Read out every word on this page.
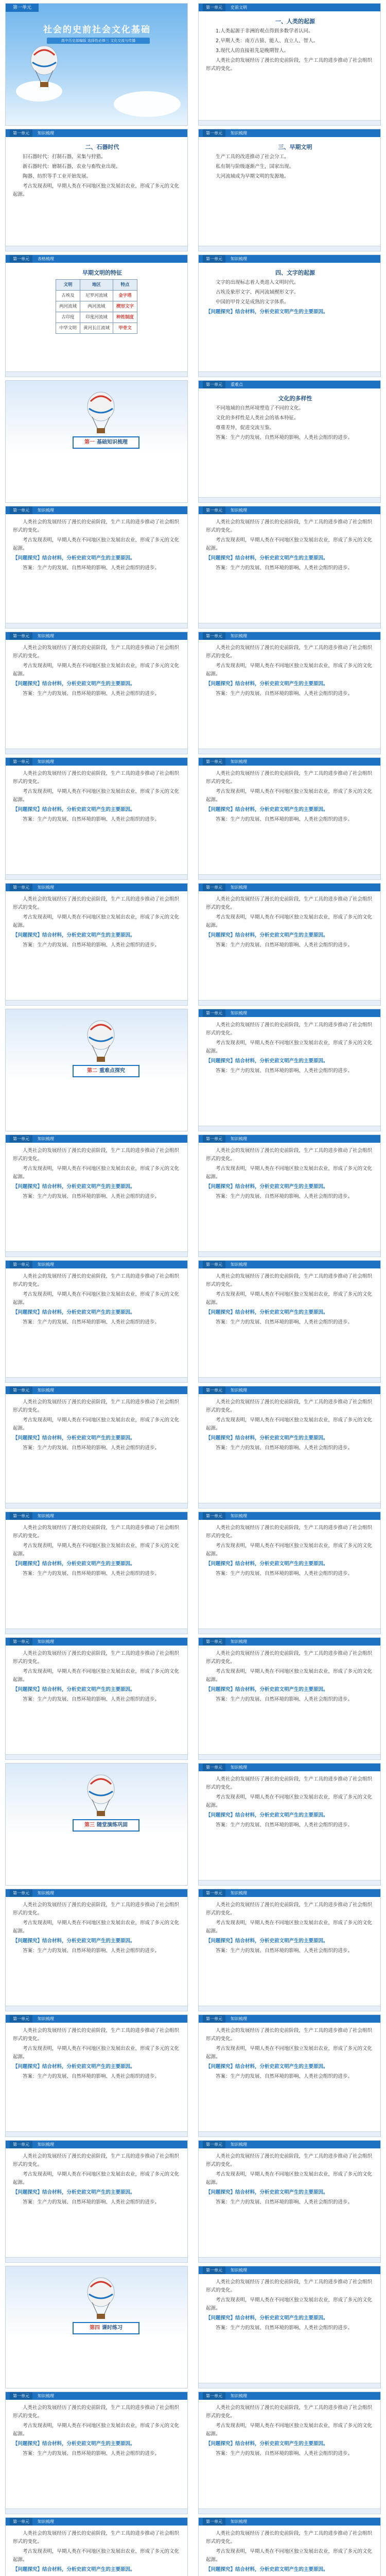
第一单元
社会的史前社会文化基础
高中历史部编版 选择性必修三 文化交流与传播
第一单元	史前文明

一、人类的起源

1.人类起源于非洲的观点得到多数学者认同。

2.早期人类：南方古猿、能人、直立人、智人。

3.现代人的直接祖先是晚期智人。

人类社会的发展经历了漫长的史前阶段，生产工具的进步推动了社会组织形式的变化。

第一单元	知识梳理

二、石器时代

旧石器时代：打制石器，采集与狩猎。

新石器时代：磨制石器，农业与畜牧业出现。

陶器、纺织等手工业开始发展。

考古发现表明，早期人类在不同地区独立发展出农业，形成了多元的文化起源。

第一单元	知识梳理

三、早期文明

生产工具的改进推动了社会分工。

私有制与阶级逐渐产生，国家出现。

大河流域成为早期文明的发源地。

第一单元	表格梳理

早期文明的特征

文明	地区	特点
古埃及	尼罗河流域	金字塔
两河流域	两河流域	楔形文字
古印度	印度河流域	种姓制度
中华文明	黄河长江流域	甲骨文
第一单元	知识梳理

四、文字的起源

文字的出现标志着人类进入文明时代。

古埃及象形文字、两河流域楔形文字。

中国的甲骨文是成熟的文字体系。

【问题探究】结合材料，分析史前文明产生的主要原因。

第一 基础知识梳理
第一单元	重难点

文化的多样性

不同地域的自然环境塑造了不同的文化。

文化的多样性是人类社会的基本特征。

尊重差异，促进交流互鉴。

答案：生产力的发展、自然环境的影响、人类社会组织的进步。

第一单元	知识梳理

人类社会的发展经历了漫长的史前阶段，生产工具的进步推动了社会组织形式的变化。

考古发现表明，早期人类在不同地区独立发展出农业，形成了多元的文化起源。

【问题探究】结合材料，分析史前文明产生的主要原因。

答案：生产力的发展、自然环境的影响、人类社会组织的进步。

第一单元	知识梳理

人类社会的发展经历了漫长的史前阶段，生产工具的进步推动了社会组织形式的变化。

考古发现表明，早期人类在不同地区独立发展出农业，形成了多元的文化起源。

【问题探究】结合材料，分析史前文明产生的主要原因。

答案：生产力的发展、自然环境的影响、人类社会组织的进步。

第一单元	知识梳理

人类社会的发展经历了漫长的史前阶段，生产工具的进步推动了社会组织形式的变化。

考古发现表明，早期人类在不同地区独立发展出农业，形成了多元的文化起源。

【问题探究】结合材料，分析史前文明产生的主要原因。

答案：生产力的发展、自然环境的影响、人类社会组织的进步。

第一单元	知识梳理

人类社会的发展经历了漫长的史前阶段，生产工具的进步推动了社会组织形式的变化。

考古发现表明，早期人类在不同地区独立发展出农业，形成了多元的文化起源。

【问题探究】结合材料，分析史前文明产生的主要原因。

答案：生产力的发展、自然环境的影响、人类社会组织的进步。

第一单元	知识梳理

人类社会的发展经历了漫长的史前阶段，生产工具的进步推动了社会组织形式的变化。

考古发现表明，早期人类在不同地区独立发展出农业，形成了多元的文化起源。

【问题探究】结合材料，分析史前文明产生的主要原因。

答案：生产力的发展、自然环境的影响、人类社会组织的进步。

第一单元	知识梳理

人类社会的发展经历了漫长的史前阶段，生产工具的进步推动了社会组织形式的变化。

考古发现表明，早期人类在不同地区独立发展出农业，形成了多元的文化起源。

【问题探究】结合材料，分析史前文明产生的主要原因。

答案：生产力的发展、自然环境的影响、人类社会组织的进步。

第一单元	知识梳理

人类社会的发展经历了漫长的史前阶段，生产工具的进步推动了社会组织形式的变化。

考古发现表明，早期人类在不同地区独立发展出农业，形成了多元的文化起源。

【问题探究】结合材料，分析史前文明产生的主要原因。

答案：生产力的发展、自然环境的影响、人类社会组织的进步。

第一单元	知识梳理

人类社会的发展经历了漫长的史前阶段，生产工具的进步推动了社会组织形式的变化。

考古发现表明，早期人类在不同地区独立发展出农业，形成了多元的文化起源。

【问题探究】结合材料，分析史前文明产生的主要原因。

答案：生产力的发展、自然环境的影响、人类社会组织的进步。

第二 重难点探究
第一单元	知识梳理

人类社会的发展经历了漫长的史前阶段，生产工具的进步推动了社会组织形式的变化。

考古发现表明，早期人类在不同地区独立发展出农业，形成了多元的文化起源。

【问题探究】结合材料，分析史前文明产生的主要原因。

答案：生产力的发展、自然环境的影响、人类社会组织的进步。

第一单元	知识梳理

人类社会的发展经历了漫长的史前阶段，生产工具的进步推动了社会组织形式的变化。

考古发现表明，早期人类在不同地区独立发展出农业，形成了多元的文化起源。

【问题探究】结合材料，分析史前文明产生的主要原因。

答案：生产力的发展、自然环境的影响、人类社会组织的进步。

第一单元	知识梳理

人类社会的发展经历了漫长的史前阶段，生产工具的进步推动了社会组织形式的变化。

考古发现表明，早期人类在不同地区独立发展出农业，形成了多元的文化起源。

【问题探究】结合材料，分析史前文明产生的主要原因。

答案：生产力的发展、自然环境的影响、人类社会组织的进步。

第一单元	知识梳理

人类社会的发展经历了漫长的史前阶段，生产工具的进步推动了社会组织形式的变化。

考古发现表明，早期人类在不同地区独立发展出农业，形成了多元的文化起源。

【问题探究】结合材料，分析史前文明产生的主要原因。

答案：生产力的发展、自然环境的影响、人类社会组织的进步。

第一单元	知识梳理

人类社会的发展经历了漫长的史前阶段，生产工具的进步推动了社会组织形式的变化。

考古发现表明，早期人类在不同地区独立发展出农业，形成了多元的文化起源。

【问题探究】结合材料，分析史前文明产生的主要原因。

答案：生产力的发展、自然环境的影响、人类社会组织的进步。

第一单元	知识梳理

人类社会的发展经历了漫长的史前阶段，生产工具的进步推动了社会组织形式的变化。

考古发现表明，早期人类在不同地区独立发展出农业，形成了多元的文化起源。

【问题探究】结合材料，分析史前文明产生的主要原因。

答案：生产力的发展、自然环境的影响、人类社会组织的进步。

第一单元	知识梳理

人类社会的发展经历了漫长的史前阶段，生产工具的进步推动了社会组织形式的变化。

考古发现表明，早期人类在不同地区独立发展出农业，形成了多元的文化起源。

【问题探究】结合材料，分析史前文明产生的主要原因。

答案：生产力的发展、自然环境的影响、人类社会组织的进步。

第一单元	知识梳理

人类社会的发展经历了漫长的史前阶段，生产工具的进步推动了社会组织形式的变化。

考古发现表明，早期人类在不同地区独立发展出农业，形成了多元的文化起源。

【问题探究】结合材料，分析史前文明产生的主要原因。

答案：生产力的发展、自然环境的影响、人类社会组织的进步。

第一单元	知识梳理

人类社会的发展经历了漫长的史前阶段，生产工具的进步推动了社会组织形式的变化。

考古发现表明，早期人类在不同地区独立发展出农业，形成了多元的文化起源。

【问题探究】结合材料，分析史前文明产生的主要原因。

答案：生产力的发展、自然环境的影响、人类社会组织的进步。

第一单元	知识梳理

人类社会的发展经历了漫长的史前阶段，生产工具的进步推动了社会组织形式的变化。

考古发现表明，早期人类在不同地区独立发展出农业，形成了多元的文化起源。

【问题探究】结合材料，分析史前文明产生的主要原因。

答案：生产力的发展、自然环境的影响、人类社会组织的进步。

第一单元	知识梳理

人类社会的发展经历了漫长的史前阶段，生产工具的进步推动了社会组织形式的变化。

考古发现表明，早期人类在不同地区独立发展出农业，形成了多元的文化起源。

【问题探究】结合材料，分析史前文明产生的主要原因。

答案：生产力的发展、自然环境的影响、人类社会组织的进步。

第三 随堂演练巩固
第一单元	知识梳理

人类社会的发展经历了漫长的史前阶段，生产工具的进步推动了社会组织形式的变化。

考古发现表明，早期人类在不同地区独立发展出农业，形成了多元的文化起源。

【问题探究】结合材料，分析史前文明产生的主要原因。

答案：生产力的发展、自然环境的影响、人类社会组织的进步。

第一单元	知识梳理

人类社会的发展经历了漫长的史前阶段，生产工具的进步推动了社会组织形式的变化。

考古发现表明，早期人类在不同地区独立发展出农业，形成了多元的文化起源。

【问题探究】结合材料，分析史前文明产生的主要原因。

答案：生产力的发展、自然环境的影响、人类社会组织的进步。

第一单元	知识梳理

人类社会的发展经历了漫长的史前阶段，生产工具的进步推动了社会组织形式的变化。

考古发现表明，早期人类在不同地区独立发展出农业，形成了多元的文化起源。

【问题探究】结合材料，分析史前文明产生的主要原因。

答案：生产力的发展、自然环境的影响、人类社会组织的进步。

第一单元	知识梳理

人类社会的发展经历了漫长的史前阶段，生产工具的进步推动了社会组织形式的变化。

考古发现表明，早期人类在不同地区独立发展出农业，形成了多元的文化起源。

【问题探究】结合材料，分析史前文明产生的主要原因。

答案：生产力的发展、自然环境的影响、人类社会组织的进步。

第一单元	知识梳理

人类社会的发展经历了漫长的史前阶段，生产工具的进步推动了社会组织形式的变化。

考古发现表明，早期人类在不同地区独立发展出农业，形成了多元的文化起源。

【问题探究】结合材料，分析史前文明产生的主要原因。

答案：生产力的发展、自然环境的影响、人类社会组织的进步。

第一单元	知识梳理

人类社会的发展经历了漫长的史前阶段，生产工具的进步推动了社会组织形式的变化。

考古发现表明，早期人类在不同地区独立发展出农业，形成了多元的文化起源。

【问题探究】结合材料，分析史前文明产生的主要原因。

答案：生产力的发展、自然环境的影响、人类社会组织的进步。

第一单元	知识梳理

人类社会的发展经历了漫长的史前阶段，生产工具的进步推动了社会组织形式的变化。

考古发现表明，早期人类在不同地区独立发展出农业，形成了多元的文化起源。

【问题探究】结合材料，分析史前文明产生的主要原因。

答案：生产力的发展、自然环境的影响、人类社会组织的进步。

第四 课时练习
第一单元	知识梳理

人类社会的发展经历了漫长的史前阶段，生产工具的进步推动了社会组织形式的变化。

考古发现表明，早期人类在不同地区独立发展出农业，形成了多元的文化起源。

【问题探究】结合材料，分析史前文明产生的主要原因。

答案：生产力的发展、自然环境的影响、人类社会组织的进步。

第一单元	知识梳理

人类社会的发展经历了漫长的史前阶段，生产工具的进步推动了社会组织形式的变化。

考古发现表明，早期人类在不同地区独立发展出农业，形成了多元的文化起源。

【问题探究】结合材料，分析史前文明产生的主要原因。

答案：生产力的发展、自然环境的影响、人类社会组织的进步。

第一单元	知识梳理

人类社会的发展经历了漫长的史前阶段，生产工具的进步推动了社会组织形式的变化。

考古发现表明，早期人类在不同地区独立发展出农业，形成了多元的文化起源。

【问题探究】结合材料，分析史前文明产生的主要原因。

答案：生产力的发展、自然环境的影响、人类社会组织的进步。

第一单元	知识梳理

人类社会的发展经历了漫长的史前阶段，生产工具的进步推动了社会组织形式的变化。

考古发现表明，早期人类在不同地区独立发展出农业，形成了多元的文化起源。

【问题探究】结合材料，分析史前文明产生的主要原因。

第一单元	知识梳理

人类社会的发展经历了漫长的史前阶段，生产工具的进步推动了社会组织形式的变化。

考古发现表明，早期人类在不同地区独立发展出农业，形成了多元的文化起源。

【问题探究】结合材料，分析史前文明产生的主要原因。
